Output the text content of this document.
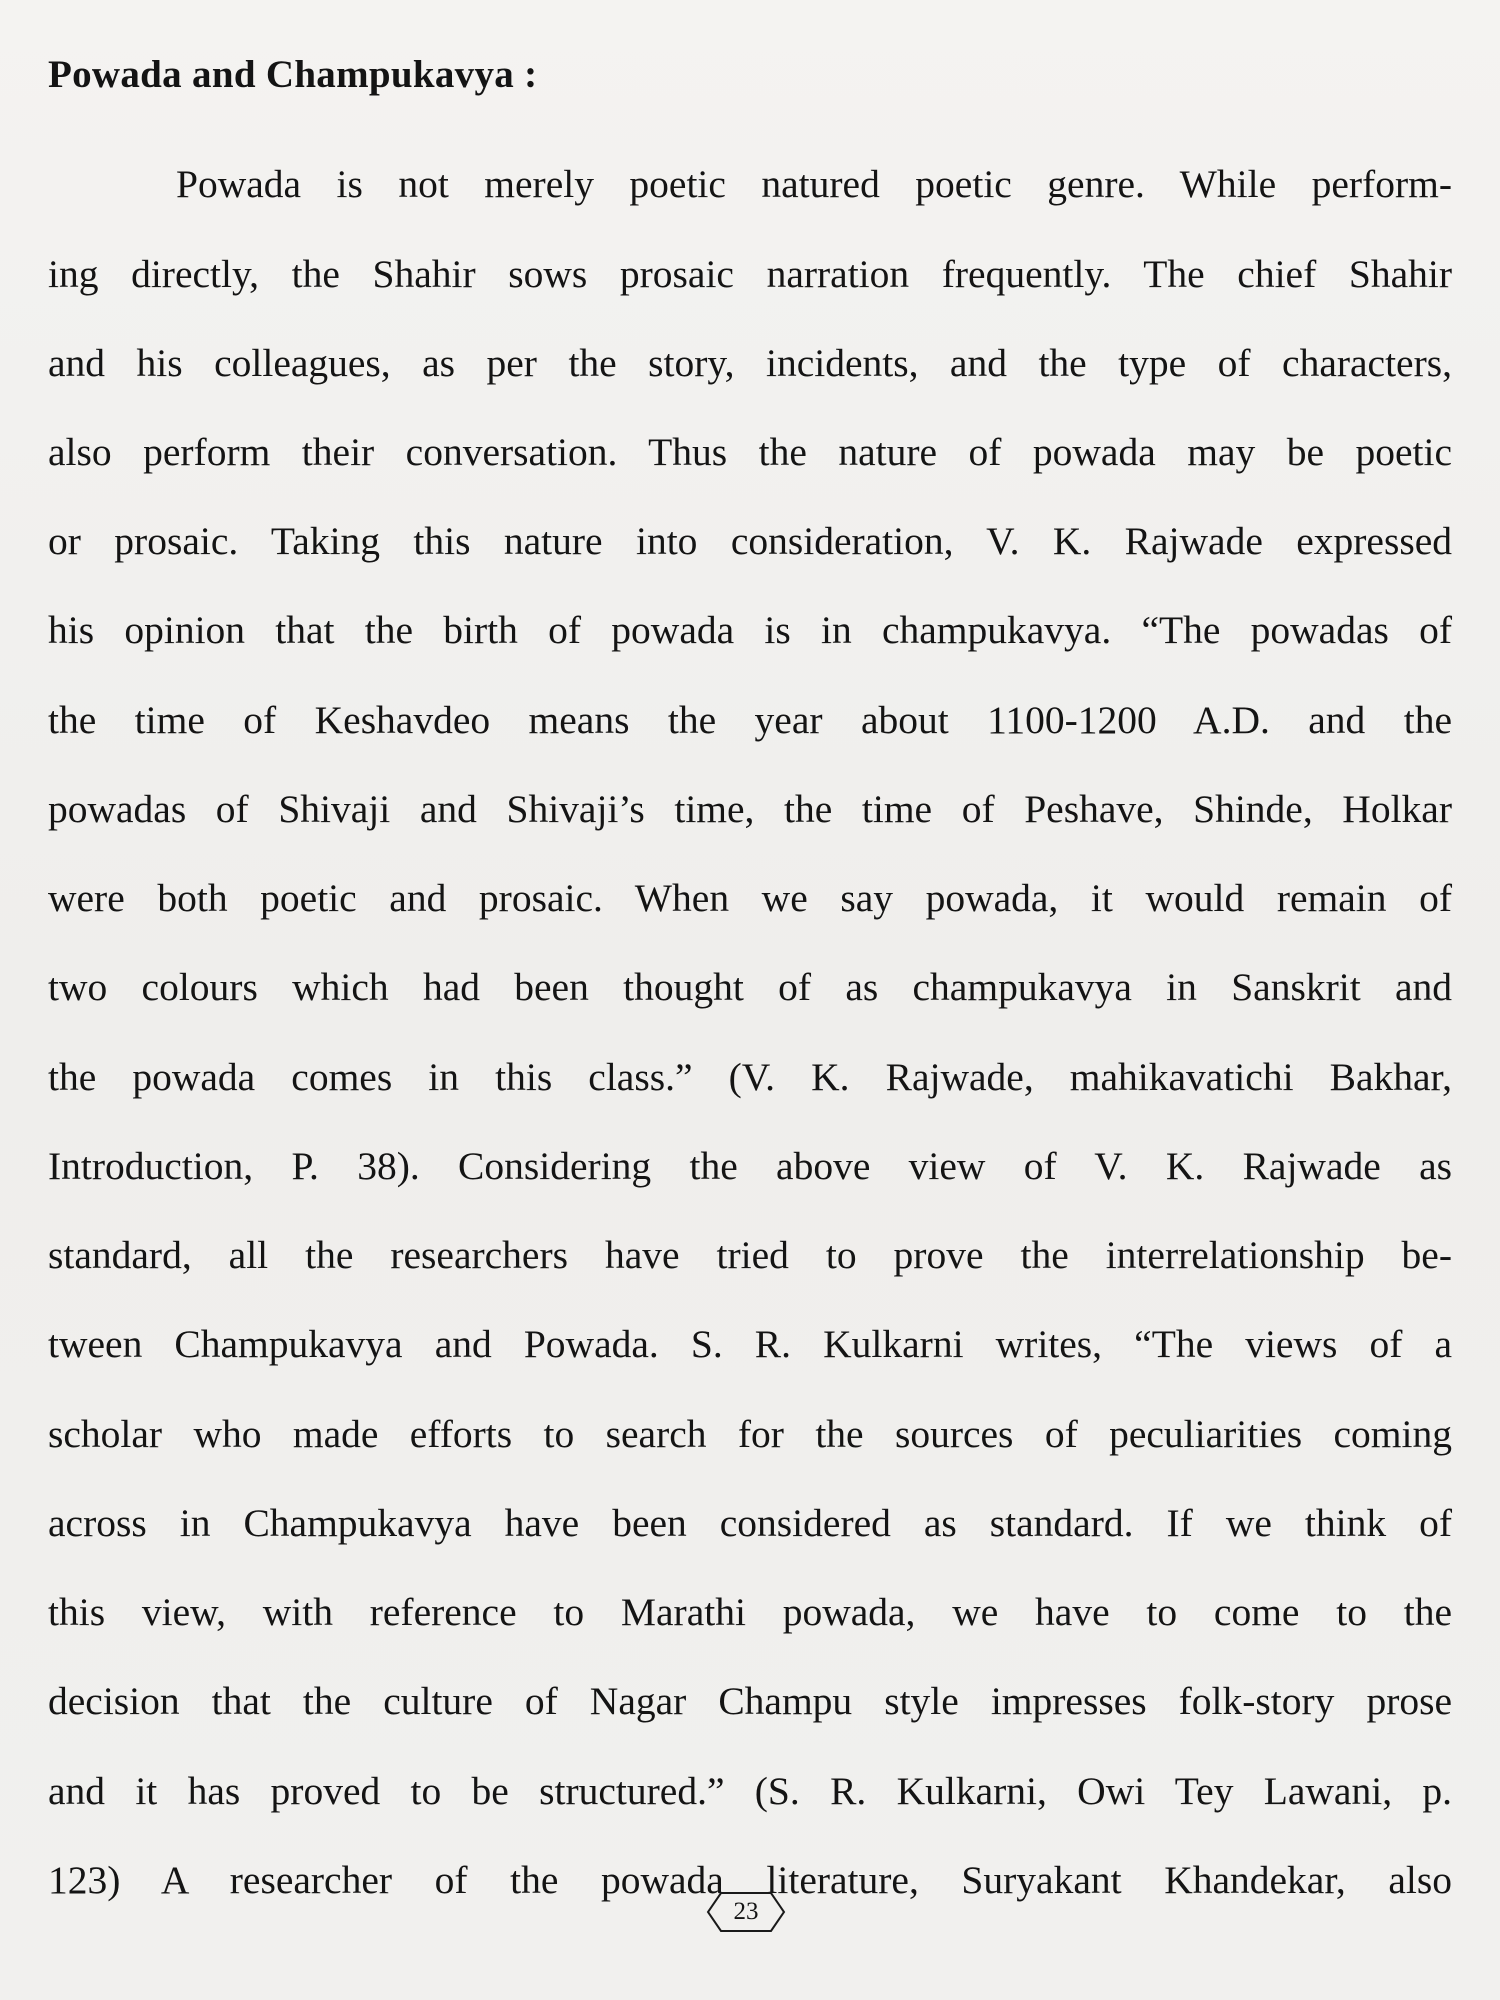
Powada and Champukavya :
Powada is not merely poetic natured poetic genre. While perform-
ing directly, the Shahir sows prosaic narration frequently. The chief Shahir
and his colleagues, as per the story, incidents, and the type of characters,
also perform their conversation. Thus the nature of powada may be poetic
or prosaic. Taking this nature into consideration, V. K. Rajwade expressed
his opinion that the birth of powada is in champukavya. “The powadas of
the time of Keshavdeo means the year about 1100-1200 A.D. and the
powadas of Shivaji and Shivaji’s time, the time of Peshave, Shinde, Holkar
were both poetic and prosaic. When we say powada, it would remain of
two colours which had been thought of as champukavya in Sanskrit and
the powada comes in this class.” (V. K. Rajwade, mahikavatichi Bakhar,
Introduction, P. 38). Considering the above view of V. K. Rajwade as
standard, all the researchers have tried to prove the interrelationship be-
tween Champukavya and Powada. S. R. Kulkarni writes, “The views of a
scholar who made efforts to search for the sources of peculiarities coming
across in Champukavya have been considered as standard. If we think of
this view, with reference to Marathi powada, we have to come to the
decision that the culture of Nagar Champu style impresses folk-story prose
and it has proved to be structured.” (S. R. Kulkarni, Owi Tey Lawani, p.
123) A researcher of the powada literature, Suryakant Khandekar, also
23
